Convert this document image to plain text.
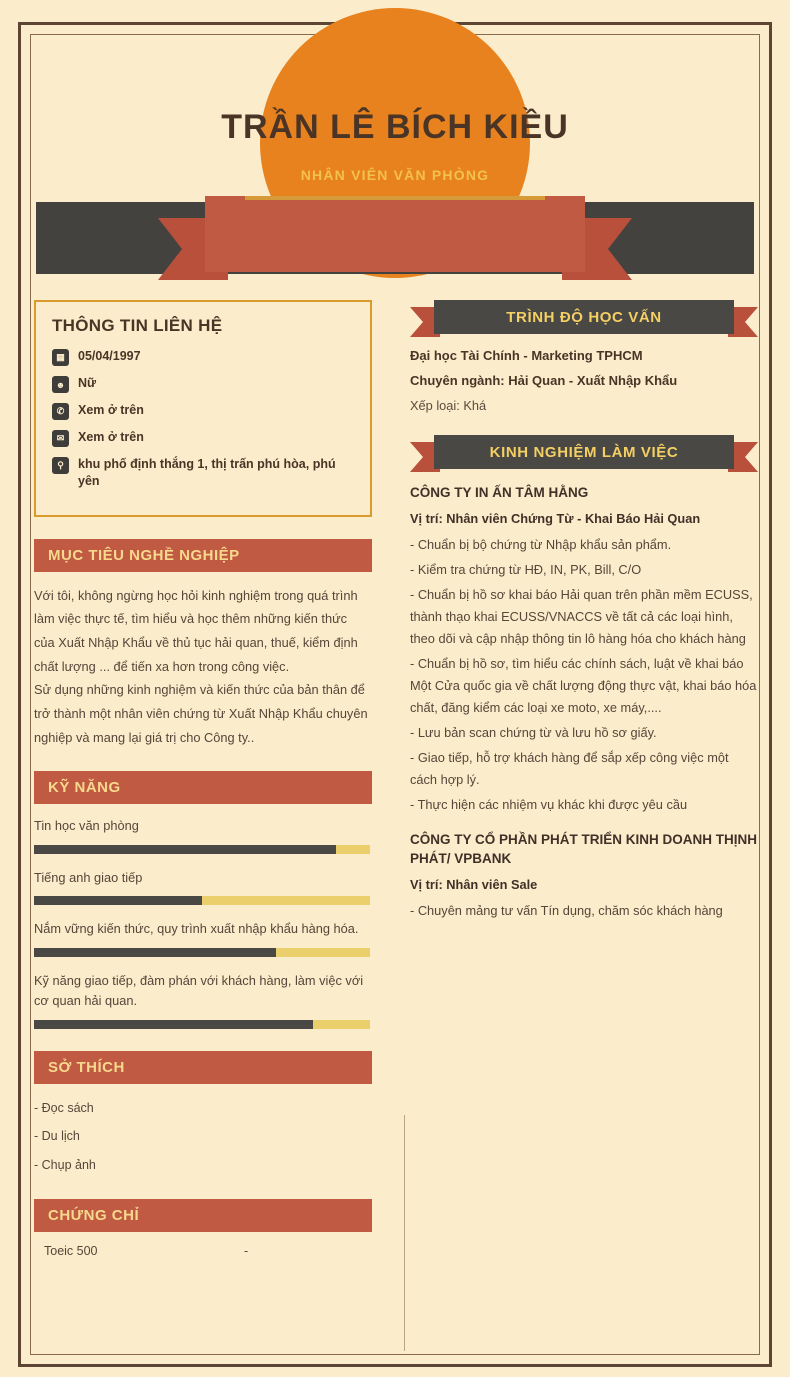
TRẦN LÊ BÍCH KIỀU
NHÂN VIÊN VĂN PHÒNG
THÔNG TIN LIÊN HỆ
▦	05/04/1997
☻	Nữ
✆	Xem ở trên
✉	Xem ở trên
⚲	khu phố định thắng 1, thị trấn phú hòa, phú yên
MỤC TIÊU NGHỀ NGHIỆP
Với tôi, không ngừng học hỏi kinh nghiệm trong quá trình làm việc thực tế, tìm hiểu và học thêm những kiến thức của Xuất Nhập Khẩu về thủ tục hải quan, thuế, kiểm định chất lượng ... để tiến xa hơn trong công việc.
Sử dụng những kinh nghiệm và kiến thức của bản thân để trở thành một nhân viên chứng từ Xuất Nhập Khẩu chuyên nghiệp và mang lại giá trị cho Công ty..
KỸ NĂNG
Tin học văn phòng
Tiếng anh giao tiếp
Nắm vững kiến thức, quy trình xuất nhập khẩu hàng hóa.
Kỹ năng giao tiếp, đàm phán với khách hàng, làm việc với cơ quan hải quan.
SỞ THÍCH
- Đọc sách
- Du lịch
- Chụp ảnh
CHỨNG CHỈ
Toeic 500	-
TRÌNH ĐỘ HỌC VẤN
Đại học Tài Chính - Marketing TPHCM
Chuyên ngành: Hải Quan - Xuất Nhập Khẩu
Xếp loại: Khá
KINH NGHIỆM LÀM VIỆC
CÔNG TY IN ẤN TÂM HẰNG
Vị trí: Nhân viên Chứng Từ - Khai Báo Hải Quan
- Chuẩn bị bộ chứng từ Nhập khẩu sản phẩm.
- Kiểm tra chứng từ HĐ, IN, PK, Bill, C/O
- Chuẩn bị hồ sơ khai báo Hải quan trên phần mềm ECUSS, thành thạo khai ECUSS/VNACCS về tất cả các loại hình, theo dõi và cập nhập thông tin lô hàng hóa cho khách hàng
- Chuẩn bị hồ sơ, tìm hiểu các chính sách, luật về khai báo Một Cửa quốc gia về chất lượng động thực vật, khai báo hóa chất, đăng kiểm các loại xe moto, xe máy,....
- Lưu bản scan chứng từ và lưu hồ sơ giấy.
- Giao tiếp, hỗ trợ khách hàng để sắp xếp công việc một cách hợp lý.
- Thực hiện các nhiệm vụ khác khi được yêu cầu
CÔNG TY CỔ PHẦN PHÁT TRIỂN KINH DOANH THỊNH PHÁT/ VPBANK
Vị trí: Nhân viên Sale
- Chuyên mảng tư vấn Tín dụng, chăm sóc khách hàng
